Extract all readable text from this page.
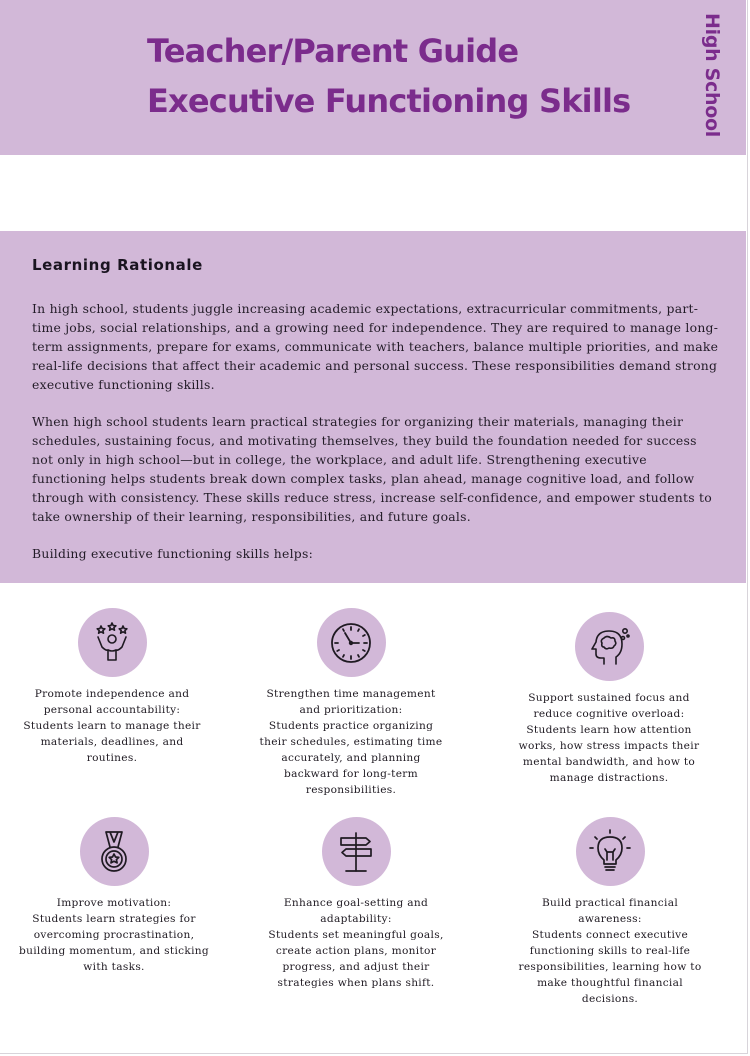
Teacher/Parent Guide
Executive Functioning Skills	High School
Learning Rationale

In high school, students juggle increasing academic expectations, extracurricular commitments, part-time jobs, social relationships, and a growing need for independence. They are required to manage long-term assignments, prepare for exams, communicate with teachers, balance multiple priorities, and make real-life decisions that affect their academic and personal success. These responsibilities demand strong executive functioning skills.

When high school students learn practical strategies for organizing their materials, managing their schedules, sustaining focus, and motivating themselves, they build the foundation needed for success not only in high school—but in college, the workplace, and adult life. Strengthening executive functioning helps students break down complex tasks, plan ahead, manage cognitive load, and follow through with consistency. These skills reduce stress, increase self-confidence, and empower students to take ownership of their learning, responsibilities, and future goals.

Building executive functioning skills helps:

Promote independence and personal accountability:
Students learn to manage their materials, deadlines, and routines.
Strengthen time management and prioritization:
Students practice organizing their schedules, estimating time accurately, and planning backward for long-term responsibilities.
Support sustained focus and reduce cognitive overload:
Students learn how attention works, how stress impacts their mental bandwidth, and how to manage distractions.
Improve motivation:
Students learn strategies for overcoming procrastination, building momentum, and sticking with tasks.
Enhance goal-setting and adaptability:
Students set meaningful goals, create action plans, monitor progress, and adjust their strategies when plans shift.
Build practical financial awareness:
Students connect executive functioning skills to real-life responsibilities, learning how to make thoughtful financial decisions.
